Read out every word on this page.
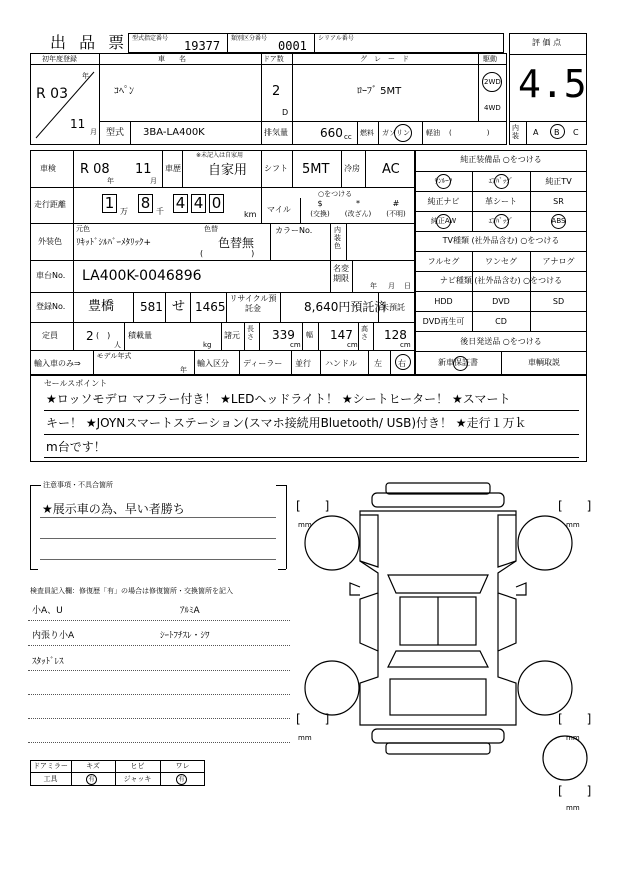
出 品 票 型式指定番号
19377
類別区分番号
0001
シリアル番号
初年度登録
R 03
年
11
月
車　　名
ｺﾍﾟﾝ
ドア数
2
D
グ　レ　ー　ド
ﾛｰﾌﾞ 5MT
駆動
2WD
4WD
型式 3BA-LA400K	排気量	660 cc 燃料 ガソリン 軽油 (　　　　　)
評 価 点
4.5
内装	A B C
車検 R 08
年
11
月
車歴
※未記入は自家用
自家用 シフト 5MT 冷房 AC
走行距離	1 万 8 千 4 4 0
km
○をつける
マイル
$
(交換)
*
(改ざん)
#
(不明)
外装色
元色
ﾘｷｯﾄﾞｼﾙﾊﾞｰﾒﾀﾘｯｸ+
色替
色替無
(　　　　　　)
カラーNo.	内装色
車台No. LA400K-0046896	名変期限
年 月 日
登録No. 豊橋 581 せ 1465
リサイクル預託金	8,640円預託済
未預託
定員 2 (　)
人
積載量
kg
諸元
長さ 339
cm
幅 147
cm
高さ 128
cm
輸入車のみ⇒
モデル年式
年
輸入区分 ディーラー 並行 ハンドル 左 右
純正装備品 ○をつける
ｻﾝﾙｰﾌ	ｴｱﾊﾞｯｸﾞ	純正TV
純正ナビ	革シート	SR
純正AW	ｴｱﾊﾞｯｸﾞ	ABS
TV種類 (社外品含む) ○をつける
フルセグ	ワンセグ	アナログ
ナビ種類 (社外品含む) ○をつける
HDD	DVD	SD
DVD再生可	CD
後日発送品 ○をつける
新車保証書	車輌取説
セールスポイント
★ロッソモデロ マフラー付き！ ★LEDヘッドライト！ ★シートヒーター！ ★スマート
キー！ ★JOYNスマートステーション(スマホ接続用Bluetooth/ USB)付き！ ★走行１万ｋ
m台です！
注意事項・不具合箇所
★展示車の為、早い者勝ち
検査員記入欄：修復歴「有」の場合は修復箇所・交換箇所を記入
小A、U	ｱﾙﾐA
内張り小A	ｼｰﾄﾌﾁｽﾚ・ｼﾜ
ｽﾀｯﾄﾞﾚｽ
ドアミラー	キズ	ヒビ	ワレ
工具	有	ジャッキ	有
[　　]
mm
[　　]
mm
[　　]
mm
[　　]
mm
[　　]
mm
